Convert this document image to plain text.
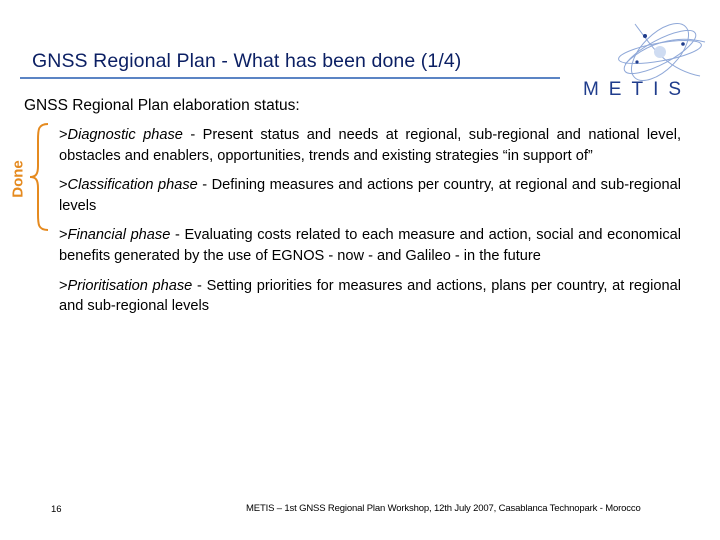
GNSS Regional Plan - What has been done (1/4)
METIS
GNSS Regional Plan elaboration status:
Done

>Diagnostic phase - Present status and needs at regional, sub-regional and national level, obstacles and enablers, opportunities, trends and existing strategies “in support of”

>Classification phase - Defining measures and actions per country, at regional and sub-regional levels

>Financial phase - Evaluating costs related to each measure and action, social and economical benefits generated by the use of EGNOS - now - and Galileo - in the future

>Prioritisation phase - Setting priorities for measures and actions, plans per country, at regional and sub-regional levels

16	METIS – 1st GNSS Regional Plan Workshop, 12th July 2007, Casablanca Technopark - Morocco
